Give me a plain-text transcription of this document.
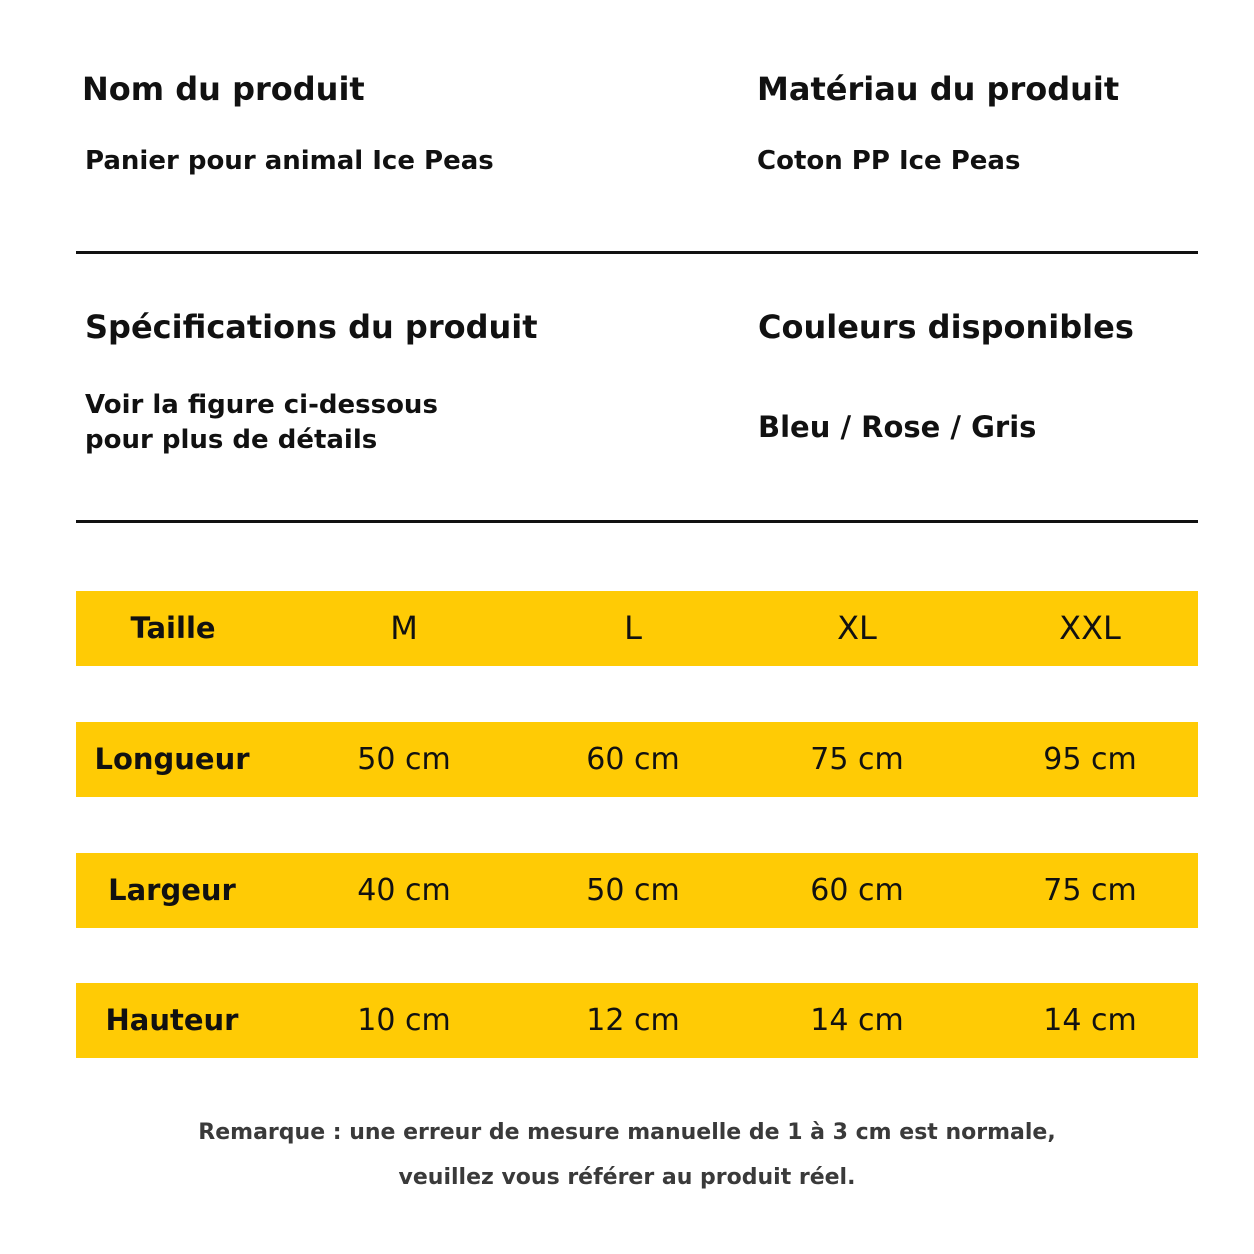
Nom du produit
Panier pour animal Ice Peas
Matériau du produit
Coton PP Ice Peas
Spécifications du produit
Voir la figure ci-dessous
pour plus de détails
Couleurs disponibles
Bleu / Rose / Gris
Taille	M	L	XL	XXL
Longueur	50 cm	60 cm	75 cm	95 cm
Largeur	40 cm	50 cm	60 cm	75 cm
Hauteur	10 cm	12 cm	14 cm	14 cm
Remarque : une erreur de mesure manuelle de 1 à 3 cm est normale,
veuillez vous référer au produit réel.
